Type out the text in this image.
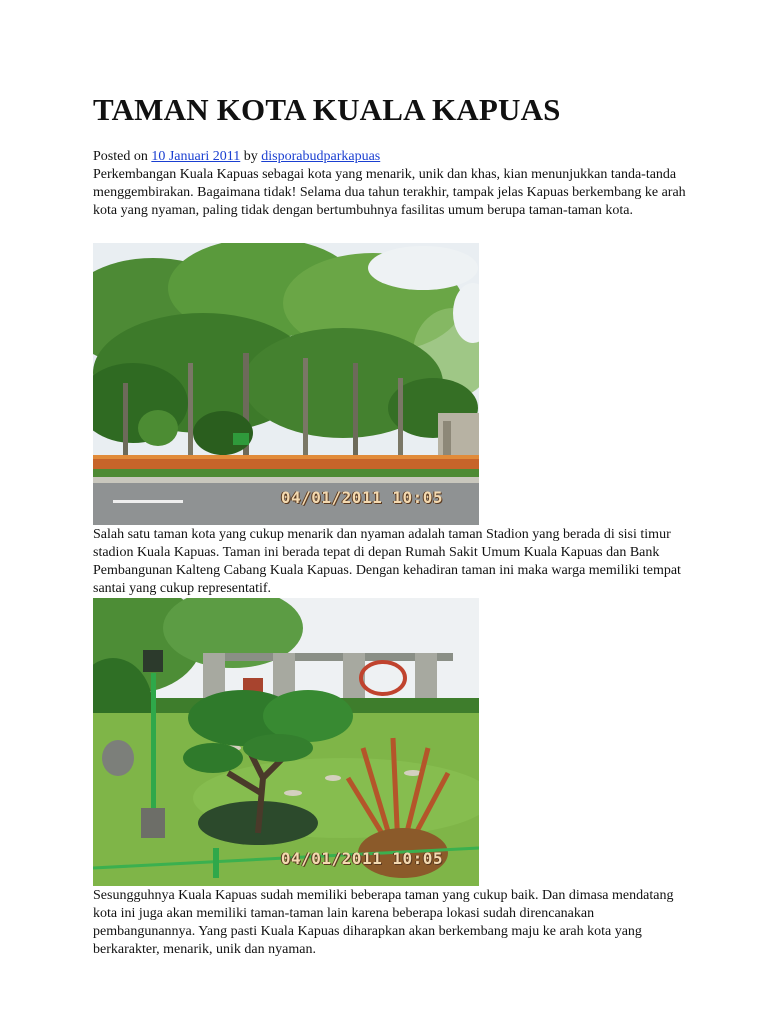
TAMAN KOTA KUALA KAPUAS
Posted on 10 Januari 2011 by disporabudparkapuas

Perkembangan Kuala Kapuas sebagai kota yang menarik, unik dan khas, kian menunjukkan tanda-tanda menggembirakan. Bagaimana tidak! Selama dua tahun terakhir, tampak jelas Kapuas berkembang ke arah kota yang nyaman, paling tidak dengan bertumbuhnya fasilitas umum berupa taman-taman kota.

04/01/2011 10:05

Salah satu taman kota yang cukup menarik dan nyaman adalah taman Stadion yang berada di sisi timur stadion Kuala Kapuas. Taman ini berada tepat di depan Rumah Sakit Umum Kuala Kapuas dan Bank Pembangunan Kalteng Cabang Kuala Kapuas. Dengan kehadiran taman ini maka warga memiliki tempat santai yang cukup representatif.

04/01/2011 10:05

Sesungguhnya Kuala Kapuas sudah memiliki beberapa taman yang cukup baik. Dan dimasa mendatang kota ini juga akan memiliki taman-taman lain karena beberapa lokasi sudah direncanakan pembangunannya. Yang pasti Kuala Kapuas diharapkan akan berkembang maju ke arah kota yang berkarakter, menarik, unik dan nyaman.
